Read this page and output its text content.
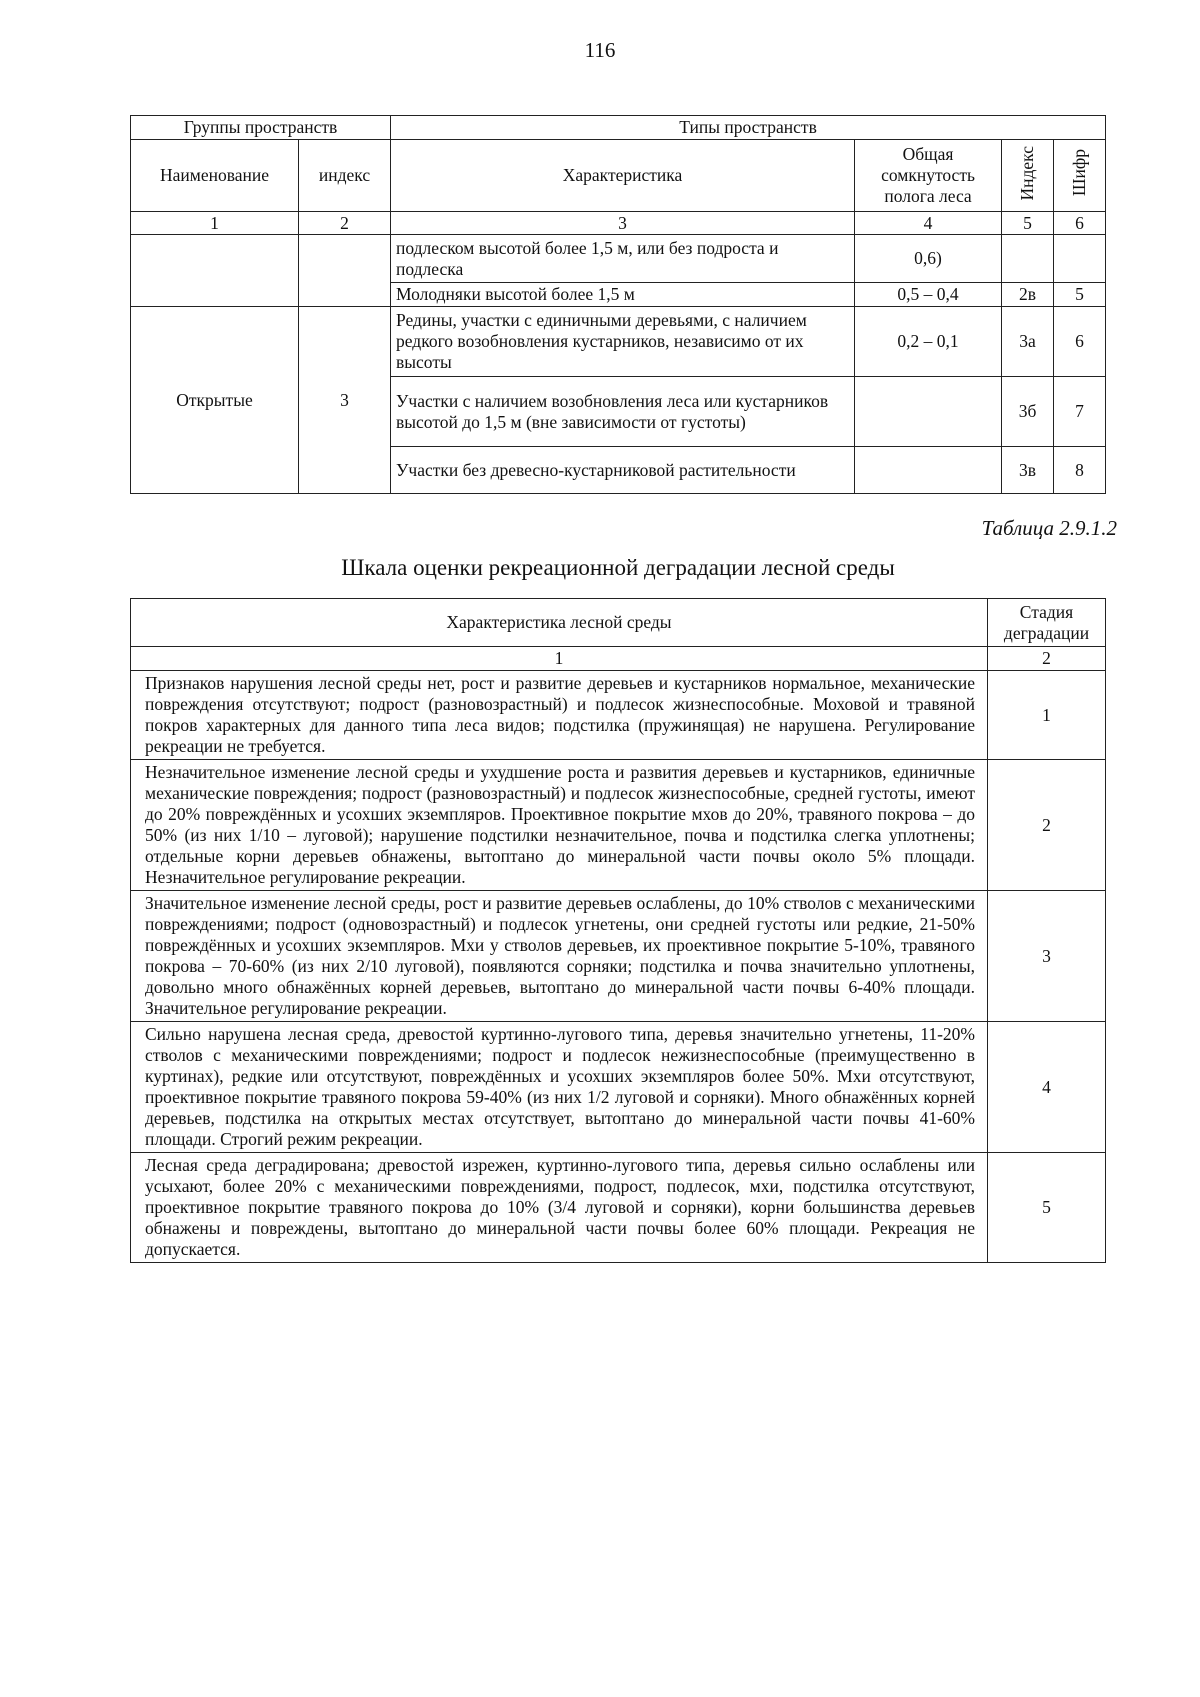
116
Группы пространств		Типы пространств			
Наименование	индекс	Характеристика	Общая сомкнутость полога леса	Индекс	Шифр
1	2	3	4	5	6
		подлеском высотой более 1,5 м, или без подроста и подлеска	0,6)		
		Молодняки высотой более 1,5 м	0,5 – 0,4	2в	5
Открытые	3	Редины, участки с единичными деревьями, с наличием редкого возобновления кустарников, независимо от их высоты	0,2 – 0,1	3а	6
		Участки с наличием возобновления леса или кустарников высотой до 1,5 м (вне зависимости от густоты)		3б	7
		Участки без древесно-кустарниковой растительности		3в	8
Таблица 2.9.1.2
Шкала оценки рекреационной деградации лесной среды
Характеристика лесной среды	Стадия деградации
1	2
Признаков нарушения лесной среды нет, рост и развитие деревьев и кустарников нормальное, механические повреждения отсутствуют; подрост (разновозрастный) и подлесок жизнеспособные. Моховой и травяной покров характерных для данного типа леса видов; подстилка (пружинящая) не нарушена. Регулирование рекреации не требуется.	1
Незначительное изменение лесной среды и ухудшение роста и развития деревьев и кустарников, единичные механические повреждения; подрост (разновозрастный) и подлесок жизнеспособные, средней густоты, имеют до 20% повреждённых и усохших экземпляров. Проективное покрытие мхов до 20%, травяного покрова – до 50% (из них 1/10 – луговой); нарушение подстилки незначительное, почва и подстилка слегка уплотнены; отдельные корни деревьев обнажены, вытоптано до минеральной части почвы около 5% площади. Незначительное регулирование рекреации.	2
Значительное изменение лесной среды, рост и развитие деревьев ослаблены, до 10% стволов с механическими повреждениями; подрост (одновозрастный) и подлесок угнетены, они средней густоты или редкие, 21-50% повреждённых и усохших экземпляров. Мхи у стволов деревьев, их проективное покрытие 5-10%, травяного покрова – 70-60% (из них 2/10 луговой), появляются сорняки; подстилка и почва значительно уплотнены, довольно много обнажённых корней деревьев, вытоптано до минеральной части почвы 6-40% площади. Значительное регулирование рекреации.	3
Сильно нарушена лесная среда, древостой куртинно-лугового типа, деревья значительно угнетены, 11-20% стволов с механическими повреждениями; подрост и подлесок нежизнеспособные (преимущественно в куртинах), редкие или отсутствуют, повреждённых и усохших экземпляров более 50%. Мхи отсутствуют, проективное покрытие травяного покрова 59-40% (из них 1/2 луговой и сорняки). Много обнажённых корней деревьев, подстилка на открытых местах отсутствует, вытоптано до минеральной части почвы 41-60% площади. Строгий режим рекреации.	4
Лесная среда деградирована; древостой изрежен, куртинно-лугового типа, деревья сильно ослаблены или усыхают, более 20% с механическими повреждениями, подрост, подлесок, мхи, подстилка отсутствуют, проективное покрытие травяного покрова до 10% (3/4 луговой и сорняки), корни большинства деревьев обнажены и повреждены, вытоптано до минеральной части почвы более 60% площади. Рекреация не допускается.	5
